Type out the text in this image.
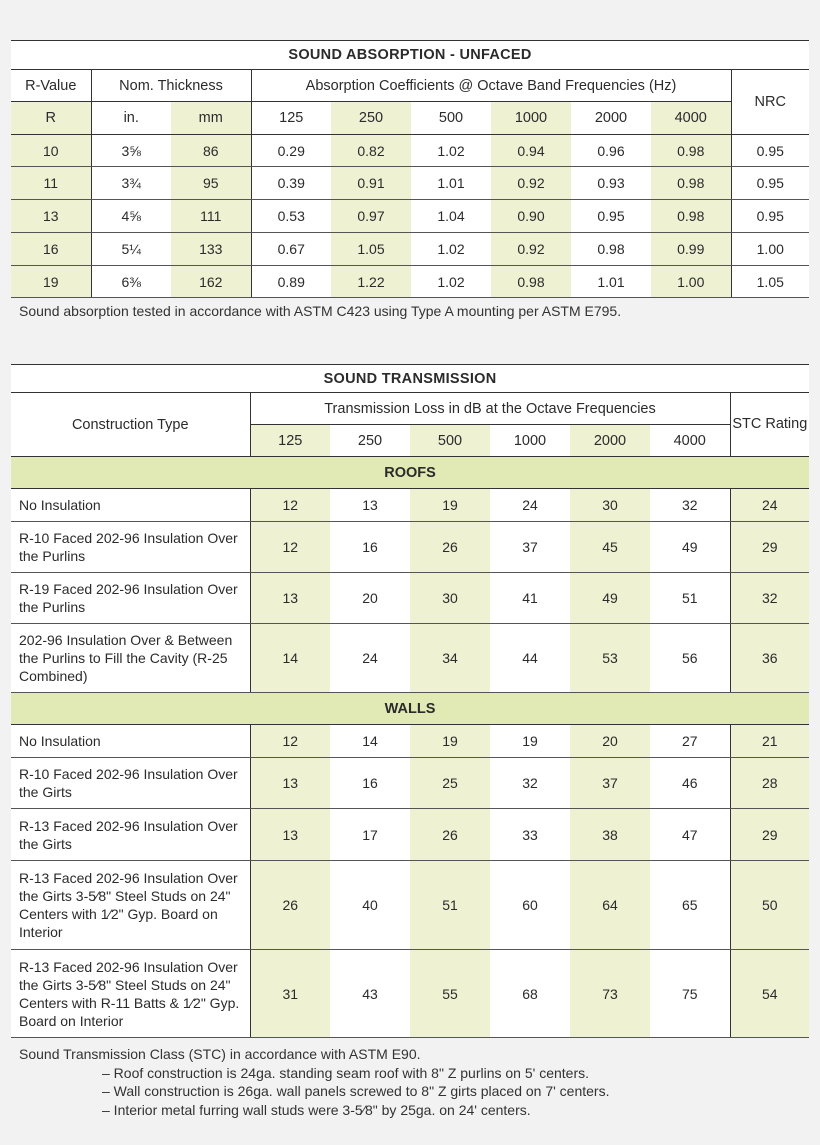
SOUND ABSORPTION - UNFACED									
R-Value	Nom. Thickness		Absorption Coefficients @ Octave Band Frequencies (Hz)						NRC
R	in.	mm	125	250	500	1000	2000	4000	
10	3⅝	86	0.29	0.82	1.02	0.94	0.96	0.98	0.95
11	3¾	95	0.39	0.91	1.01	0.92	0.93	0.98	0.95
13	4⅝	111	0.53	0.97	1.04	0.90	0.95	0.98	0.95
16	5¼	133	0.67	1.05	1.02	0.92	0.98	0.99	1.00
19	6⅜	162	0.89	1.22	1.02	0.98	1.01	1.00	1.05
Sound absorption tested in accordance with ASTM C423 using Type A mounting per ASTM E795.
SOUND TRANSMISSION							
Construction Type	Transmission Loss in dB at the Octave Frequencies						STC Rating
	125	250	500	1000	2000	4000	
ROOFS							
No Insulation	12	13	19	24	30	32	24
R-10 Faced 202-96 Insulation Over the Purlins	12	16	26	37	45	49	29
R-19 Faced 202-96 Insulation Over the Purlins	13	20	30	41	49	51	32
202-96 Insulation Over & Between the Purlins to Fill the Cavity (R-25 Combined)	14	24	34	44	53	56	36
WALLS							
No Insulation	12	14	19	19	20	27	21
R-10 Faced 202-96 Insulation Over the Girts	13	16	25	32	37	46	28
R-13 Faced 202-96 Insulation Over the Girts	13	17	26	33	38	47	29
R-13 Faced 202-96 Insulation Over the Girts 3-5⁄8" Steel Studs on 24" Centers with 1⁄2" Gyp. Board on Interior	26	40	51	60	64	65	50
R-13 Faced 202-96 Insulation Over the Girts 3-5⁄8" Steel Studs on 24" Centers with R-11 Batts & 1⁄2" Gyp. Board on Interior	31	43	55	68	73	75	54
Sound Transmission Class (STC) in accordance with ASTM E90.
– Roof construction is 24ga. standing seam roof with 8" Z purlins on 5' centers.
– Wall construction is 26ga. wall panels screwed to 8" Z girts placed on 7' centers.
– Interior metal furring wall studs were 3-5⁄8" by 25ga. on 24' centers.
